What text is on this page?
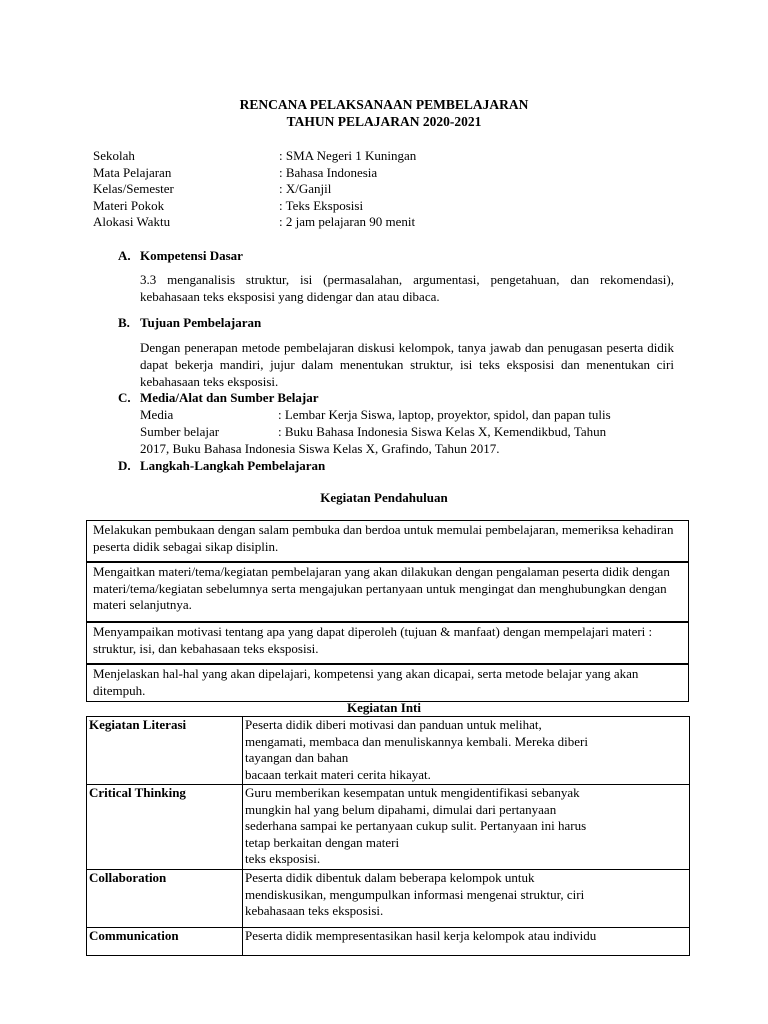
RENCANA PELAKSANAAN PEMBELAJARAN
TAHUN PELAJARAN 2020-2021
Sekolah	: SMA Negeri 1 Kuningan
Mata Pelajaran	: Bahasa Indonesia
Kelas/Semester	: X/Ganjil
Materi Pokok	: Teks Eksposisi
Alokasi Waktu	: 2 jam pelajaran 90 menit
A. Kompetensi Dasar
3.3 menganalisis struktur, isi (permasalahan, argumentasi, pengetahuan, dan rekomendasi), kebahasaan teks eksposisi yang didengar dan atau dibaca.
B. Tujuan Pembelajaran
Dengan penerapan metode pembelajaran diskusi kelompok, tanya jawab dan penugasan peserta didik dapat bekerja mandiri, jujur dalam menentukan struktur, isi teks eksposisi dan menentukan ciri kebahasaan teks eksposisi.
C. Media/Alat dan Sumber Belajar
Media	: Lembar Kerja Siswa, laptop, proyektor, spidol, dan papan tulis
Sumber belajar	: Buku Bahasa Indonesia Siswa Kelas X, Kemendikbud, Tahun
2017, Buku Bahasa Indonesia Siswa Kelas X, Grafindo, Tahun 2017.
D. Langkah-Langkah Pembelajaran
Kegiatan Pendahuluan
Melakukan pembukaan dengan salam pembuka dan berdoa untuk memulai pembelajaran, memeriksa kehadiran peserta didik sebagai sikap disiplin.
Mengaitkan materi/tema/kegiatan pembelajaran yang akan dilakukan dengan pengalaman peserta didik dengan materi/tema/kegiatan sebelumnya serta mengajukan pertanyaan untuk mengingat dan menghubungkan dengan materi selanjutnya.
Menyampaikan motivasi tentang apa yang dapat diperoleh (tujuan & manfaat) dengan mempelajari materi : struktur, isi, dan kebahasaan teks eksposisi.
Menjelaskan hal-hal yang akan dipelajari, kompetensi yang akan dicapai, serta metode belajar yang akan ditempuh.
Kegiatan Inti
Kegiatan Literasi	Peserta didik diberi motivasi dan panduan untuk melihat,
mengamati, membaca dan menuliskannya kembali. Mereka diberi
tayangan dan bahan
bacaan terkait materi cerita hikayat.

Critical Thinking	Guru memberikan kesempatan untuk mengidentifikasi sebanyak
mungkin hal yang belum dipahami, dimulai dari pertanyaan
sederhana sampai ke pertanyaan cukup sulit. Pertanyaan ini harus
tetap berkaitan dengan materi
teks eksposisi.

Collaboration	Peserta didik dibentuk dalam beberapa kelompok untuk
mendiskusikan, mengumpulkan informasi mengenai struktur, ciri
kebahasaan teks eksposisi.

Communication	Peserta didik mempresentasikan hasil kerja kelompok atau individu
